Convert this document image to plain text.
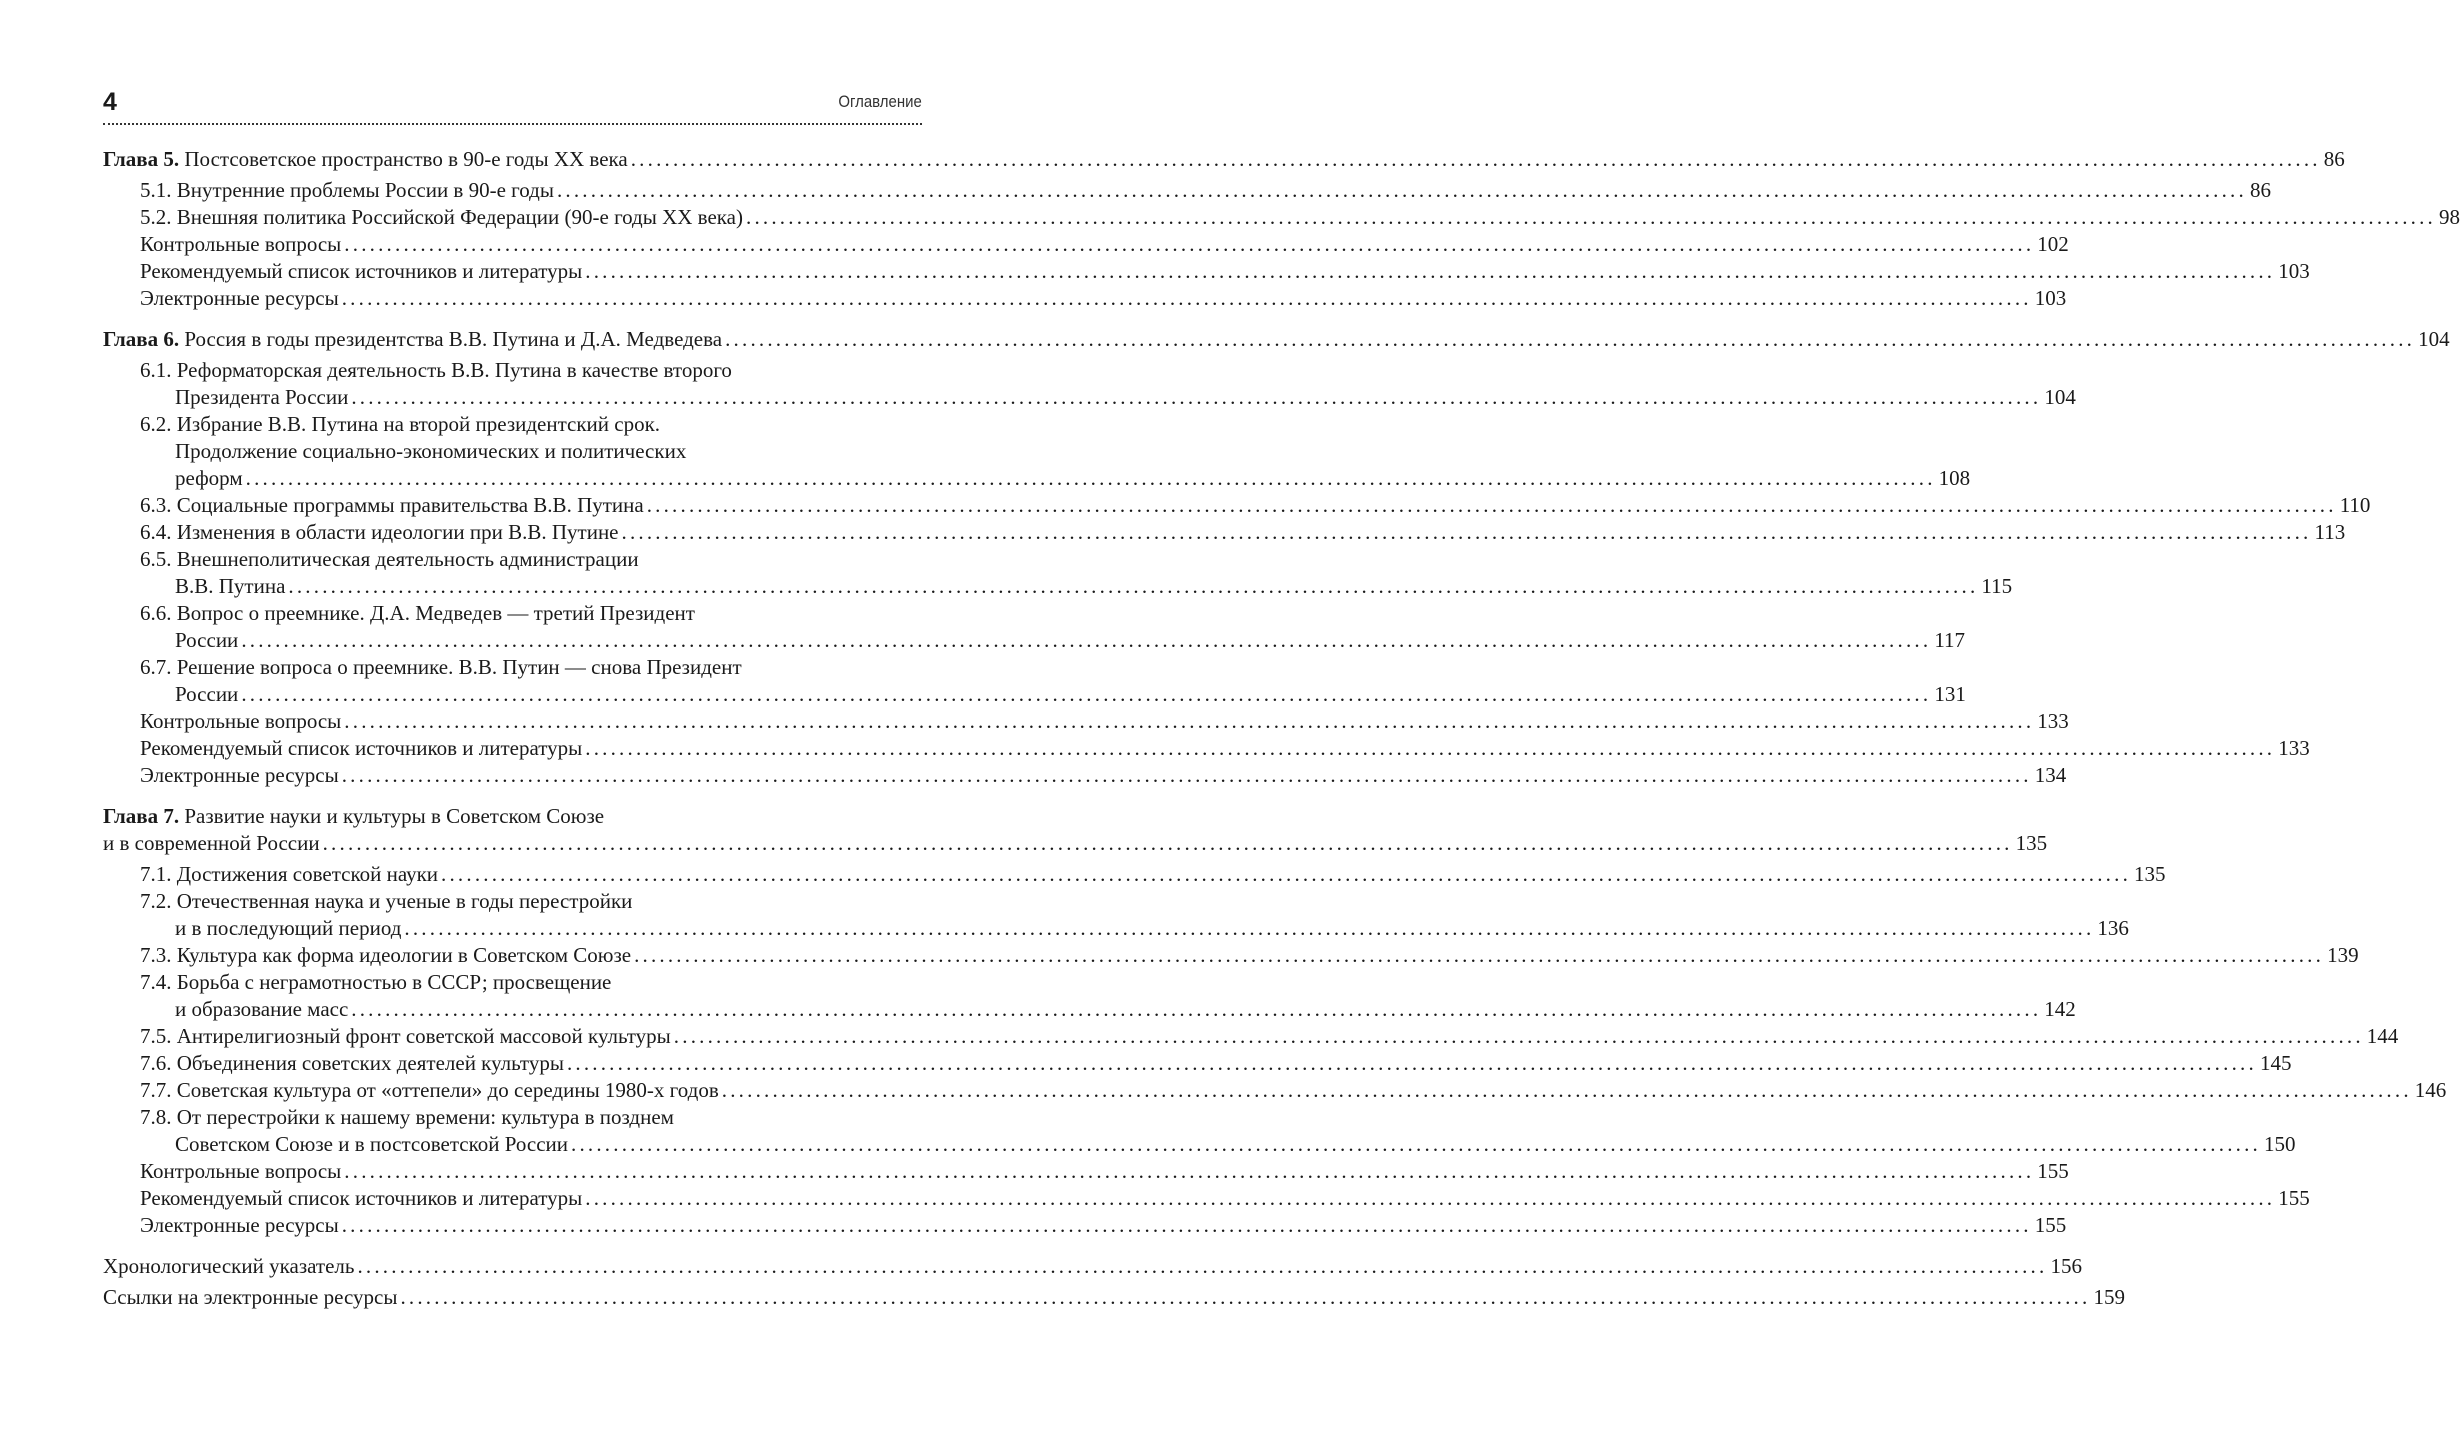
4	Оглавление
Глава 5. Постсоветское пространство в 90-е годы XX века ........................................................................................................................................................................................................ 86
5.1. Внутренние проблемы России в 90-е годы ........................................................................................................................................................................................................ 86
5.2. Внешняя политика Российской Федерации (90-е годы XX века) ........................................................................................................................................................................................................ 98
Контрольные вопросы ........................................................................................................................................................................................................ 102
Рекомендуемый список источников и литературы ........................................................................................................................................................................................................ 103
Электронные ресурсы ........................................................................................................................................................................................................ 103
Глава 6. Россия в годы президентства В.В. Путина и Д.А. Медведева ........................................................................................................................................................................................................ 104
6.1. Реформаторская деятельность В.В. Путина в качестве второго
Президента России ........................................................................................................................................................................................................ 104
6.2. Избрание В.В. Путина на второй президентский срок.
Продолжение социально-экономических и политических
реформ ........................................................................................................................................................................................................ 108
6.3. Социальные программы правительства В.В. Путина ........................................................................................................................................................................................................ 110
6.4. Изменения в области идеологии при В.В. Путине ........................................................................................................................................................................................................ 113
6.5. Внешнеполитическая деятельность администрации
В.В. Путина ........................................................................................................................................................................................................ 115
6.6. Вопрос о преемнике. Д.А. Медведев — третий Президент
России ........................................................................................................................................................................................................ 117
6.7. Решение вопроса о преемнике. В.В. Путин — снова Президент
России ........................................................................................................................................................................................................ 131
Контрольные вопросы ........................................................................................................................................................................................................ 133
Рекомендуемый список источников и литературы ........................................................................................................................................................................................................ 133
Электронные ресурсы ........................................................................................................................................................................................................ 134
Глава 7. Развитие науки и культуры в Советском Союзе
и в современной России ........................................................................................................................................................................................................ 135
7.1. Достижения советской науки ........................................................................................................................................................................................................ 135
7.2. Отечественная наука и ученые в годы перестройки
и в последующий период ........................................................................................................................................................................................................ 136
7.3. Культура как форма идеологии в Советском Союзе ........................................................................................................................................................................................................ 139
7.4. Борьба с неграмотностью в СССР; просвещение
и образование масс ........................................................................................................................................................................................................ 142
7.5. Антирелигиозный фронт советской массовой культуры ........................................................................................................................................................................................................ 144
7.6. Объединения советских деятелей культуры ........................................................................................................................................................................................................ 145
7.7. Советская культура от «оттепели» до середины 1980-х годов ........................................................................................................................................................................................................ 146
7.8. От перестройки к нашему времени: культура в позднем
Советском Союзе и в постсоветской России ........................................................................................................................................................................................................ 150
Контрольные вопросы ........................................................................................................................................................................................................ 155
Рекомендуемый список источников и литературы ........................................................................................................................................................................................................ 155
Электронные ресурсы ........................................................................................................................................................................................................ 155
Хронологический указатель ........................................................................................................................................................................................................ 156
Ссылки на электронные ресурсы ........................................................................................................................................................................................................ 159
